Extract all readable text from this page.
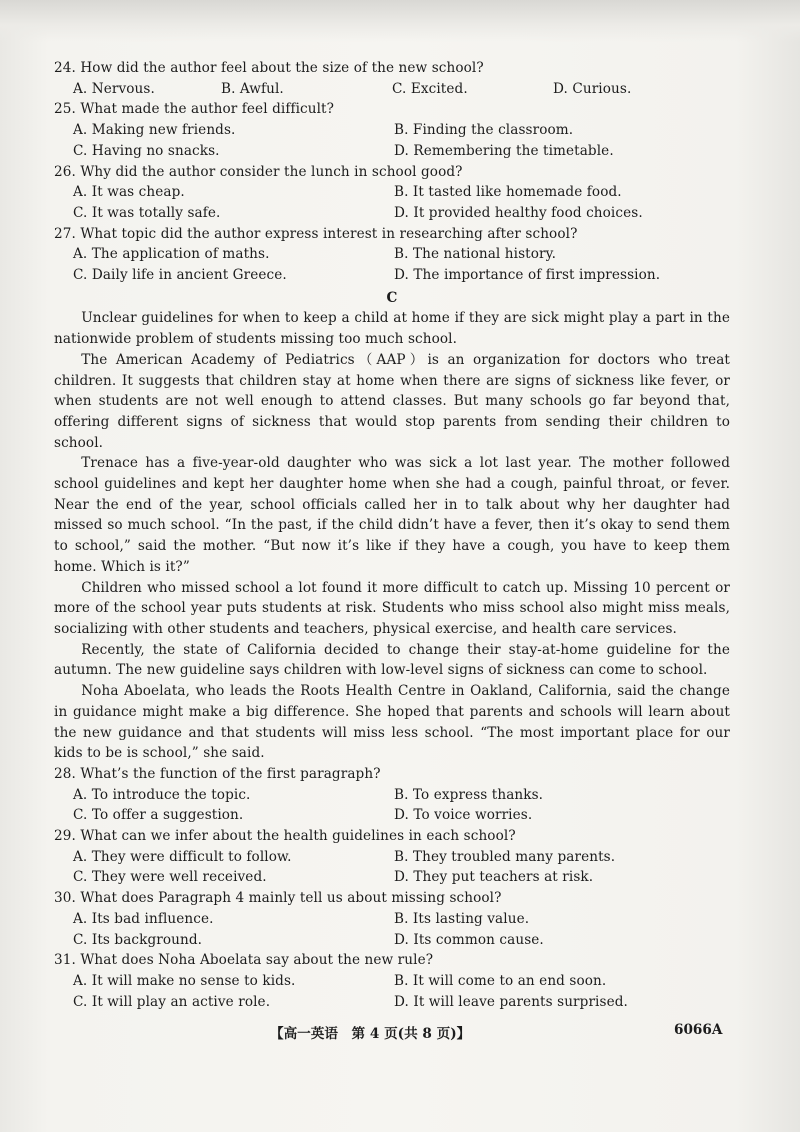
24. How did the author feel about the size of the new school?
A. Nervous.	B. Awful.	C. Excited.	D. Curious.
25. What made the author feel difficult?
A. Making new friends.	B. Finding the classroom.
C. Having no snacks.	D. Remembering the timetable.
26. Why did the author consider the lunch in school good?
A. It was cheap.	B. It tasted like homemade food.
C. It was totally safe.	D. It provided healthy food choices.
27. What topic did the author express interest in researching after school?
A. The application of maths.	B. The national history.
C. Daily life in ancient Greece.	D. The importance of first impression.
C

Unclear guidelines for when to keep a child at home if they are sick might play a part in the nationwide problem of students missing too much school.

The American Academy of Pediatrics（AAP）is an organization for doctors who treat children. It suggests that children stay at home when there are signs of sickness like fever, or when students are not well enough to attend classes. But many schools go far beyond that, offering different signs of sickness that would stop parents from sending their children to school.

Trenace has a five-year-old daughter who was sick a lot last year. The mother followed school guidelines and kept her daughter home when she had a cough, painful throat, or fever. Near the end of the year, school officials called her in to talk about why her daughter had missed so much school. “In the past, if the child didn’t have a fever, then it’s okay to send them to school,” said the mother. “But now it’s like if they have a cough, you have to keep them home. Which is it?”

Children who missed school a lot found it more difficult to catch up. Missing 10 percent or more of the school year puts students at risk. Students who miss school also might miss meals, socializing with other students and teachers, physical exercise, and health care services.

Recently, the state of California decided to change their stay-at-home guideline for the autumn. The new guideline says children with low-level signs of sickness can come to school.

Noha Aboelata, who leads the Roots Health Centre in Oakland, California, said the change in guidance might make a big difference. She hoped that parents and schools will learn about the new guidance and that students will miss less school. “The most important place for our kids to be is school,” she said.

28. What’s the function of the first paragraph?
A. To introduce the topic.	B. To express thanks.
C. To offer a suggestion.	D. To voice worries.
29. What can we infer about the health guidelines in each school?
A. They were difficult to follow.	B. They troubled many parents.
C. They were well received.	D. They put teachers at risk.
30. What does Paragraph 4 mainly tell us about missing school?
A. Its bad influence.	B. Its lasting value.
C. Its background.	D. Its common cause.
31. What does Noha Aboelata say about the new rule?
A. It will make no sense to kids.	B. It will come to an end soon.
C. It will play an active role.	D. It will leave parents surprised.
【高一英语　第 4 页(共 8 页)】	6066A
